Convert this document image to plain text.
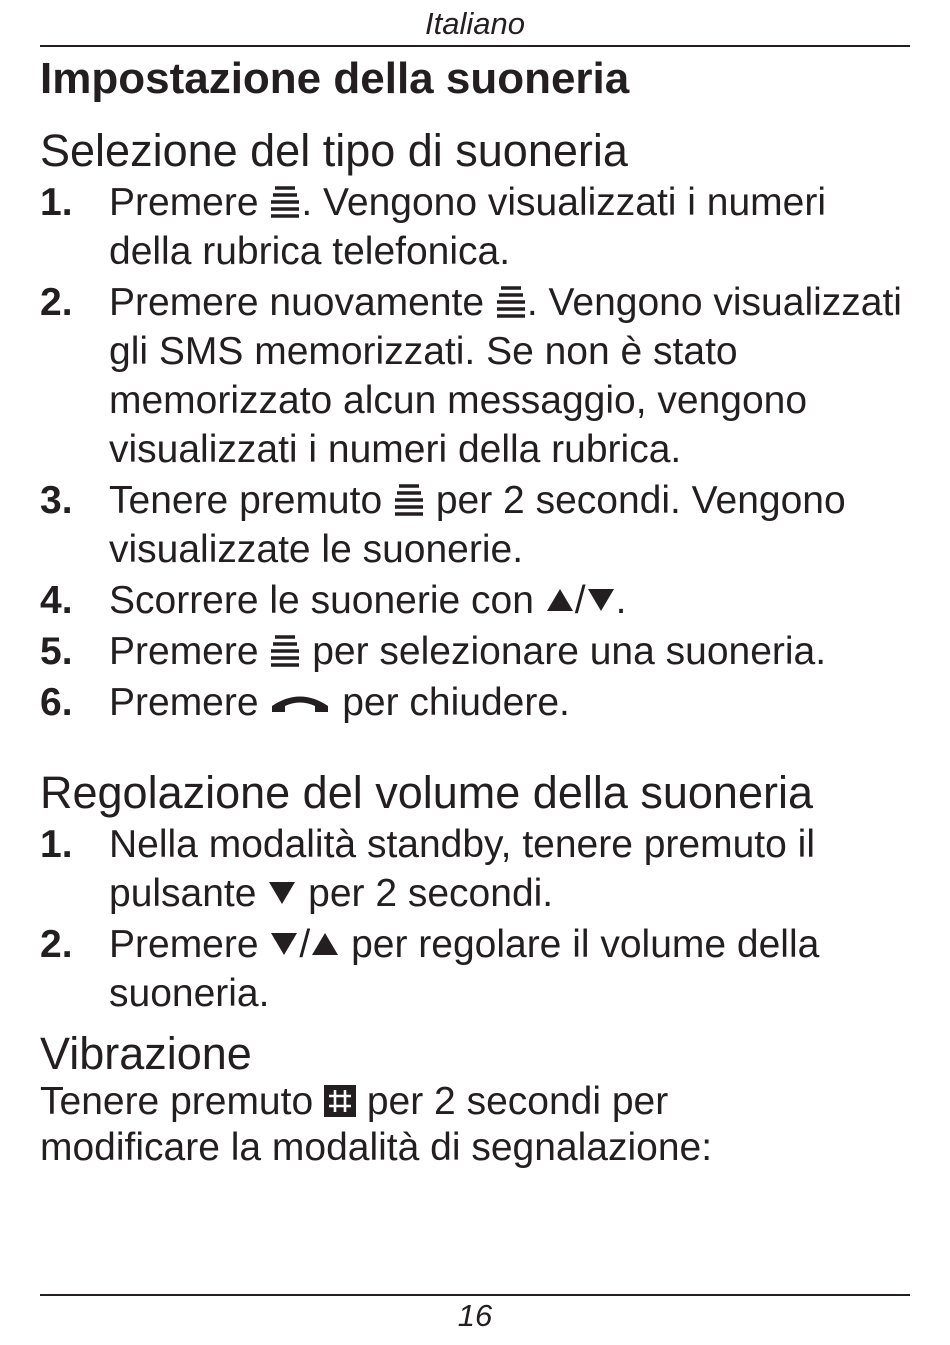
Italiano
Impostazione della suoneria
Selezione del tipo di suoneria
1. Premere . Vengono visualizzati i numeri della rubrica telefonica.
2. Premere nuovamente . Vengono visualizzati gli SMS memorizzati. Se non è stato memorizzato alcun messaggio, vengono visualizzati i numeri della rubrica.
3. Tenere premuto per 2 secondi. Vengono visualizzate le suonerie.
4. Scorrere le suonerie con / .
5. Premere per selezionare una suoneria.
6. Premere per chiudere.
Regolazione del volume della suoneria
1. Nella modalità standby, tenere premuto il pulsante per 2 secondi.
2. Premere / per regolare il volume della suoneria.
Vibrazione
Tenere premuto per 2 secondi per modificare la modalità di segnalazione:
16
